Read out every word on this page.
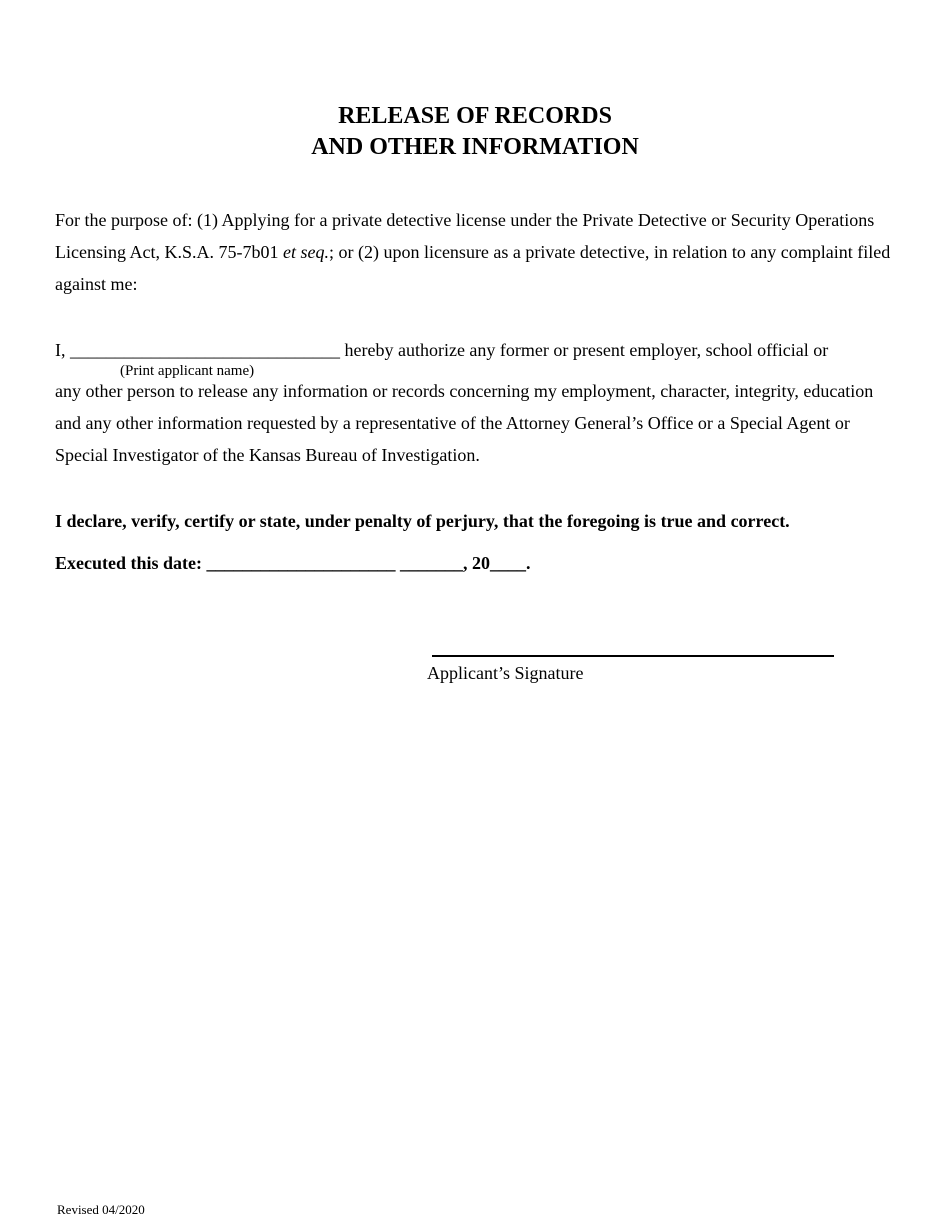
RELEASE OF RECORDS
AND OTHER INFORMATION

For the purpose of: (1) Applying for a private detective license under the Private Detective or Security Operations Licensing Act, K.S.A. 75-7b01 et seq.; or (2) upon licensure as a private detective, in relation to any complaint filed against me:

I, ______________________________ hereby authorize any former or present employer, school official or
(Print applicant name)

any other person to release any information or records concerning my employment, character, integrity, education and any other information requested by a representative of the Attorney General’s Office or a Special Agent or Special Investigator of the Kansas Bureau of Investigation.

I declare, verify, certify or state, under penalty of perjury, that the foregoing is true and correct.
Executed this date: _____________________ _______, 20____.
Applicant’s Signature
Revised 04/2020
